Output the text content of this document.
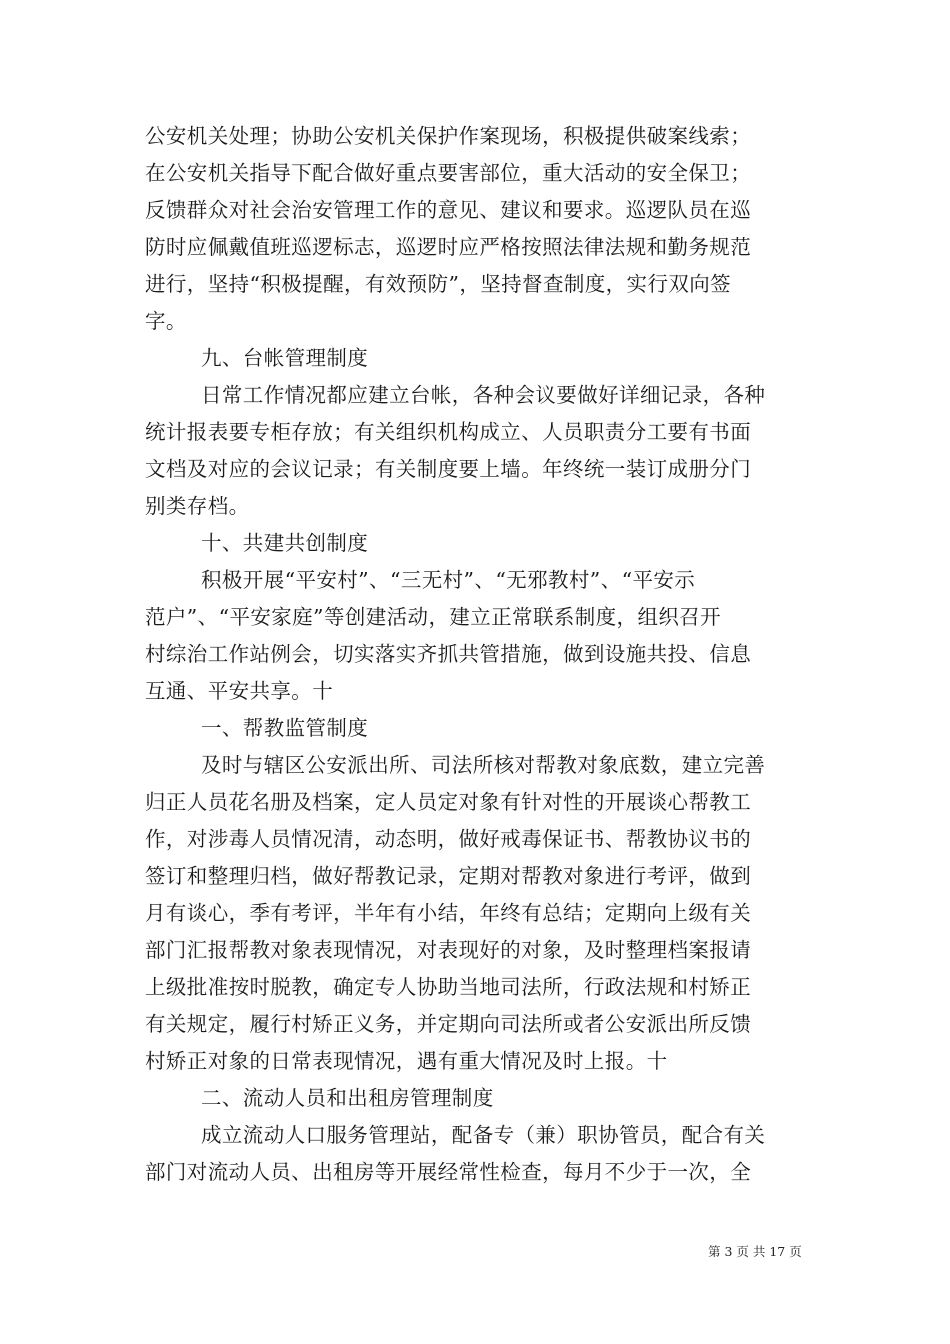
公安机关处理；协助公安机关保护作案现场，积极提供破案线索；
在公安机关指导下配合做好重点要害部位，重大活动的安全保卫；
反馈群众对社会治安管理工作的意见、建议和要求。巡逻队员在巡
防时应佩戴值班巡逻标志，巡逻时应严格按照法律法规和勤务规范
进行，坚持“积极提醒，有效预防”，坚持督查制度，实行双向签
字。
九、台帐管理制度
日常工作情况都应建立台帐，各种会议要做好详细记录，各种
统计报表要专柜存放；有关组织机构成立、人员职责分工要有书面
文档及对应的会议记录；有关制度要上墙。年终统一装订成册分门
别类存档。
十、共建共创制度
积极开展“平安村”、“三无村”、“无邪教村”、“平安示
范户”、“平安家庭”等创建活动，建立正常联系制度，组织召开
村综治工作站例会，切实落实齐抓共管措施，做到设施共投、信息
互通、平安共享。十
一、帮教监管制度
及时与辖区公安派出所、司法所核对帮教对象底数，建立完善
归正人员花名册及档案，定人员定对象有针对性的开展谈心帮教工
作，对涉毒人员情况清，动态明，做好戒毒保证书、帮教协议书的
签订和整理归档，做好帮教记录，定期对帮教对象进行考评，做到
月有谈心，季有考评，半年有小结，年终有总结；定期向上级有关
部门汇报帮教对象表现情况，对表现好的对象，及时整理档案报请
上级批准按时脱教，确定专人协助当地司法所，行政法规和村矫正
有关规定，履行村矫正义务，并定期向司法所或者公安派出所反馈
村矫正对象的日常表现情况，遇有重大情况及时上报。十
二、流动人员和出租房管理制度
成立流动人口服务管理站，配备专（兼）职协管员，配合有关
部门对流动人员、出租房等开展经常性检查，每月不少于一次，全
第 3 页 共 17 页
